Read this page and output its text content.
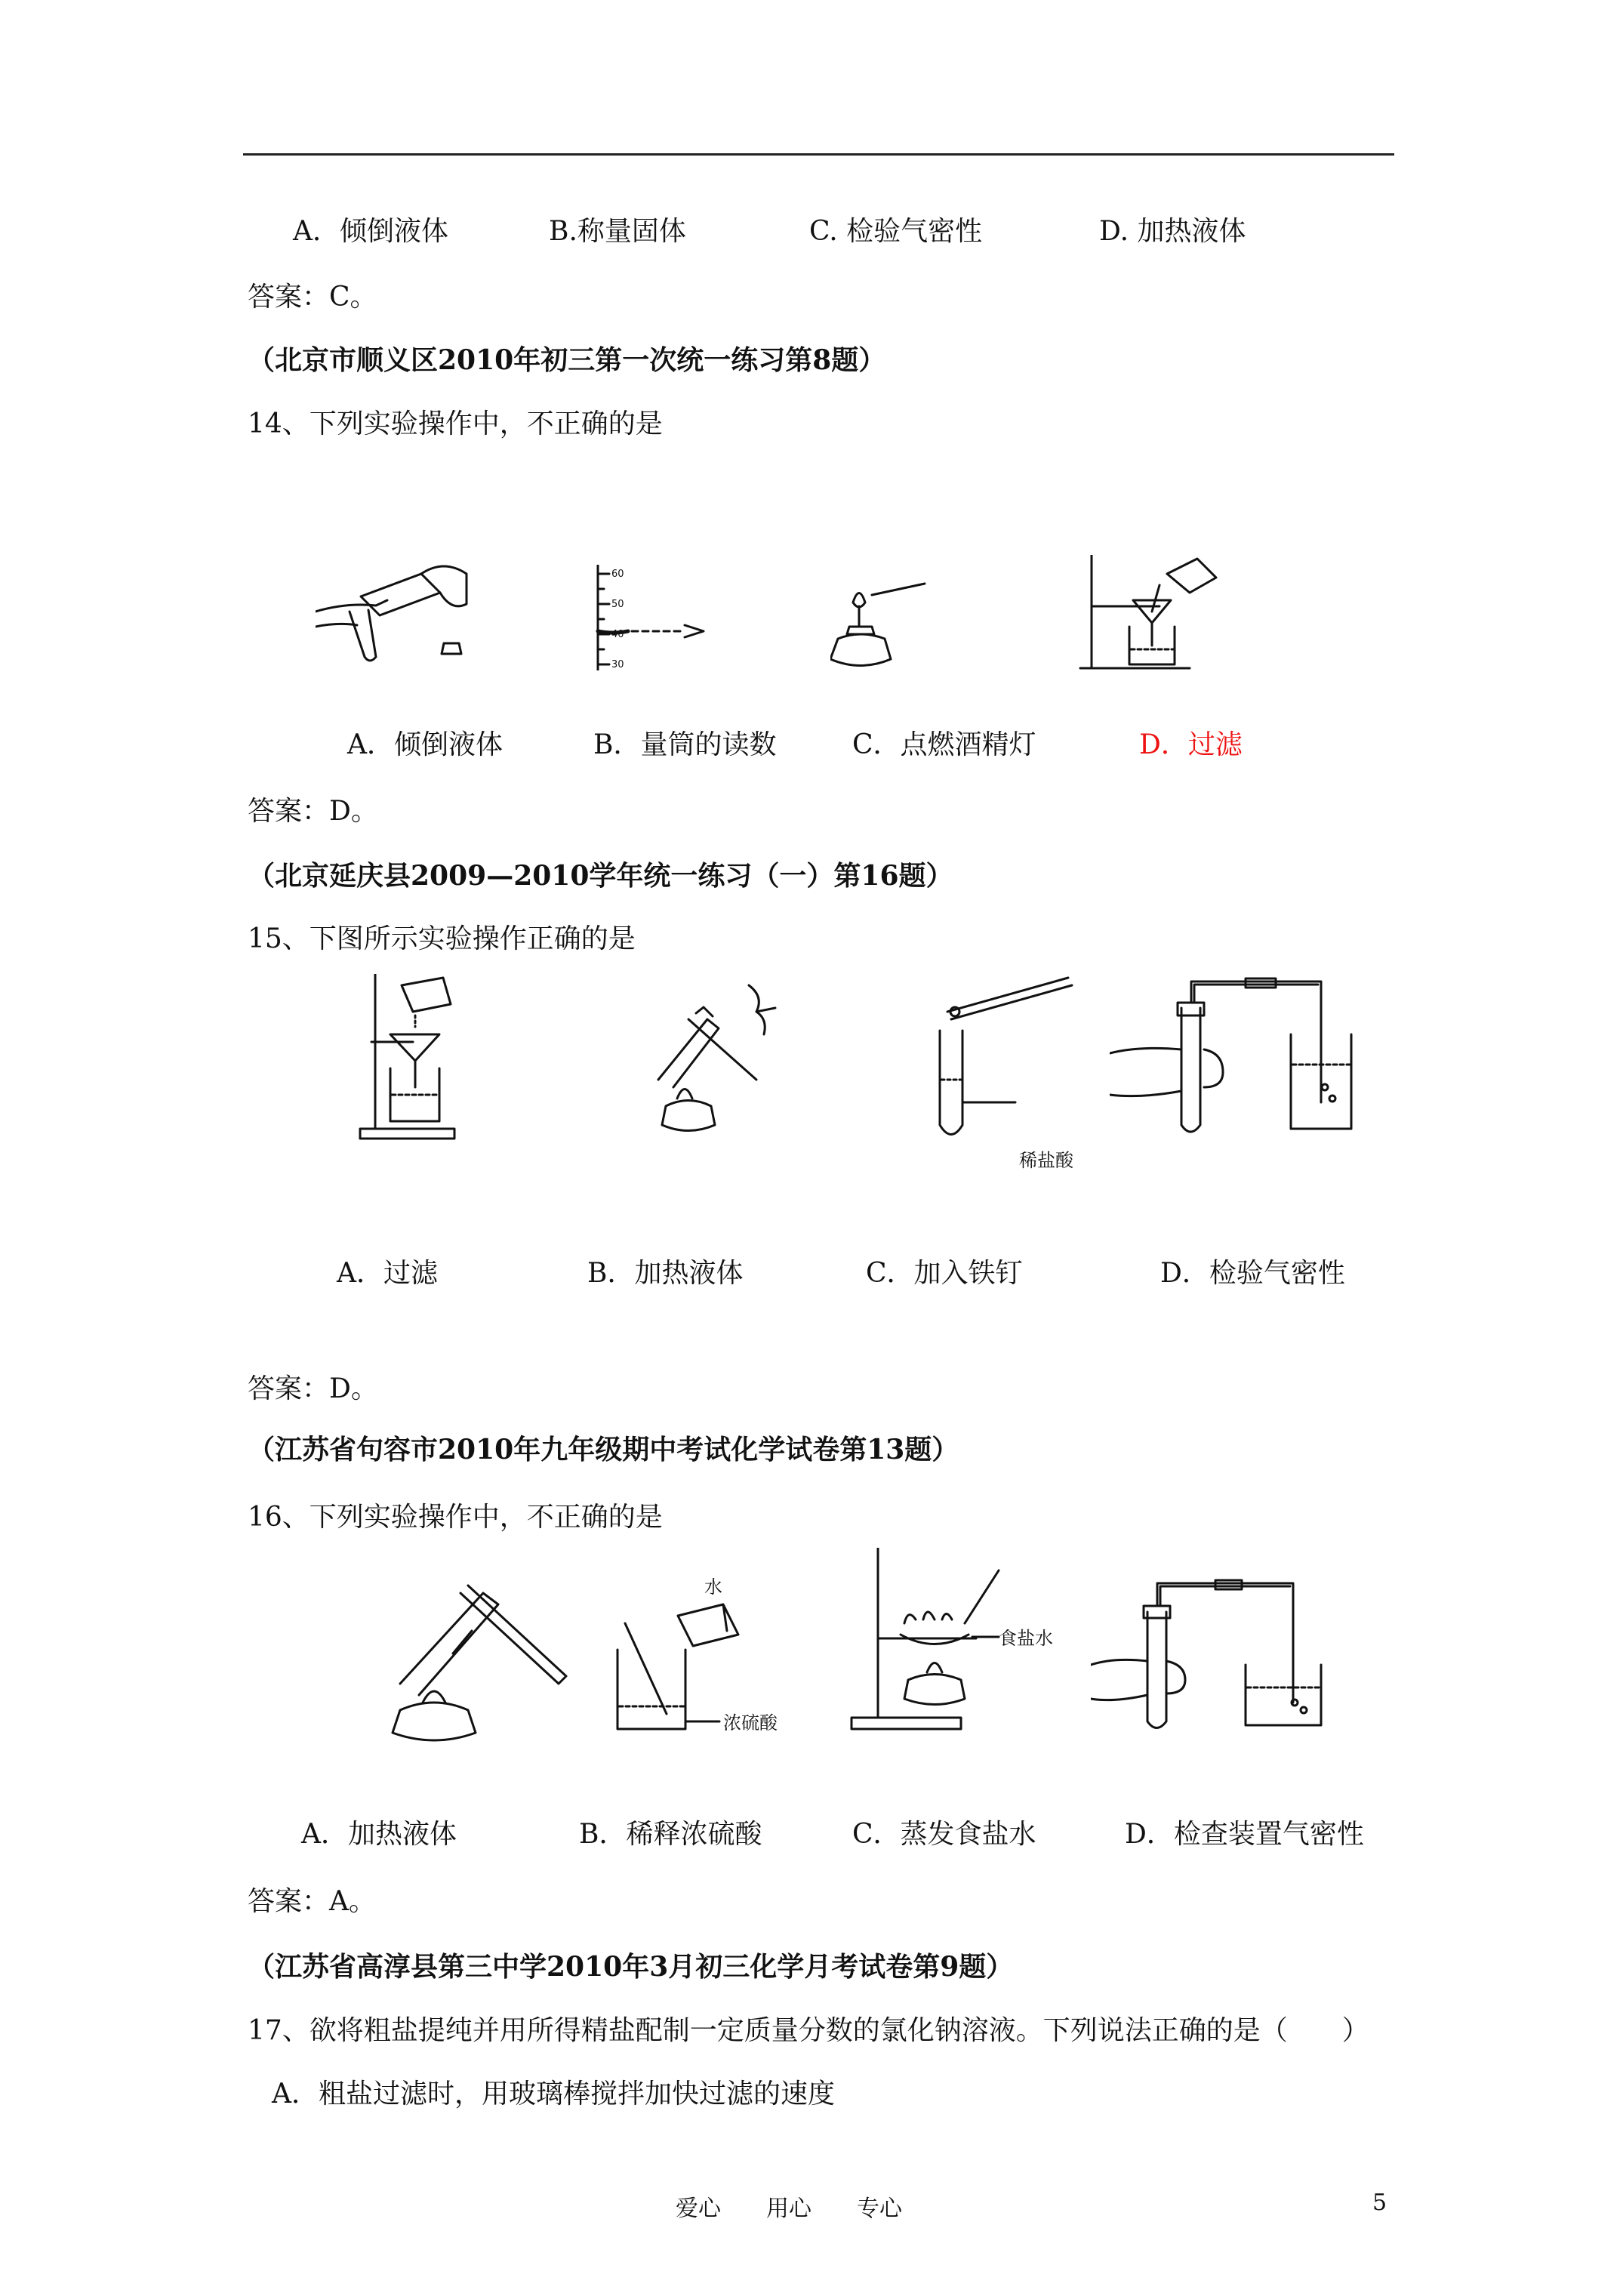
A．倾倒液体	B.称量固体	C. 检验气密性	D. 加热液体
答案：C。
（北京市顺义区2010年初三第一次统一练习第8题）
14、下列实验操作中，不正确的是
60
50
40
30
A．倾倒液体	B．量筒的读数	C．点燃酒精灯	D．过滤
答案：D。
（北京延庆县2009—2010学年统一练习（一）第16题）
15、下图所示实验操作正确的是
稀盐酸
A．过滤	B．加热液体	C．加入铁钉	D．检验气密性
答案：D。
（江苏省句容市2010年九年级期中考试化学试卷第13题）
16、下列实验操作中，不正确的是
水
浓硫酸
食盐水
A．加热液体	B．稀释浓硫酸	C．蒸发食盐水	D．检查装置气密性
答案：A。
（江苏省高淳县第三中学2010年3月初三化学月考试卷第9题）
17、欲将粗盐提纯并用所得精盐配制一定质量分数的氯化钠溶液。下列说法正确的是（　　）
A．粗盐过滤时，用玻璃棒搅拌加快过滤的速度
爱心　　用心　　专心	5
